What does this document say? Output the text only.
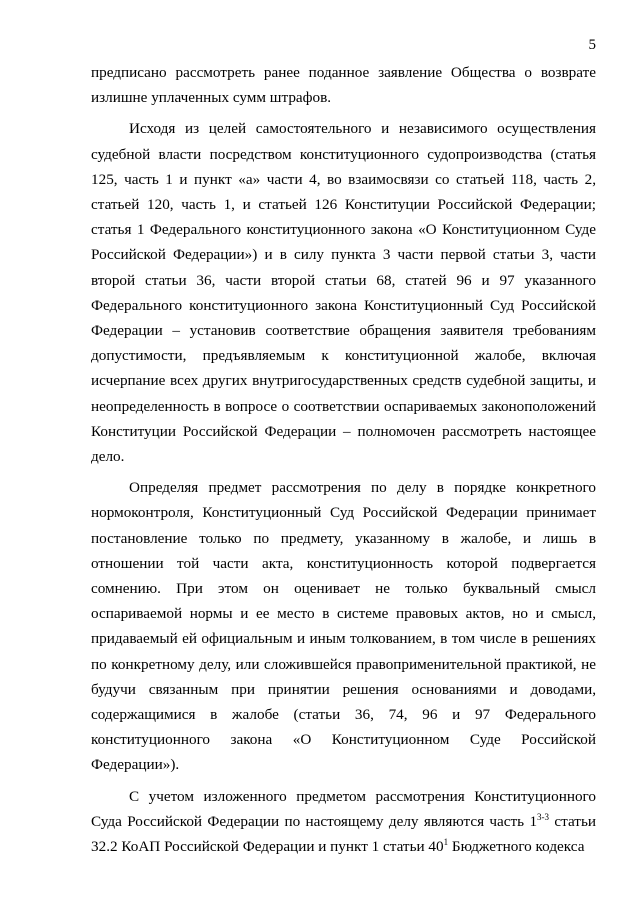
5

предписано рассмотреть ранее поданное заявление Общества о возврате излишне уплаченных сумм штрафов.

Исходя из целей самостоятельного и независимого осуществления судебной власти посредством конституционного судопроизводства (статья 125, часть 1 и пункт «а» части 4, во взаимосвязи со статьей 118, часть 2, статьей 120, часть 1, и статьей 126 Конституции Российской Федерации; статья 1 Федерального конституционного закона «О Конституционном Суде Российской Федерации») и в силу пункта 3 части первой статьи 3, части второй статьи 36, части второй статьи 68, статей 96 и 97 указанного Федерального конституционного закона Конституционный Суд Российской Федерации – установив соответствие обращения заявителя требованиям допустимости, предъявляемым к конституционной жалобе, включая исчерпание всех других внутригосударственных средств судебной защиты, и неопределенность в вопросе о соответствии оспариваемых законоположений Конституции Российской Федерации – полномочен рассмотреть настоящее дело.

Определяя предмет рассмотрения по делу в порядке конкретного нормоконтроля, Конституционный Суд Российской Федерации принимает постановление только по предмету, указанному в жалобе, и лишь в отношении той части акта, конституционность которой подвергается сомнению. При этом он оценивает не только буквальный смысл оспариваемой нормы и ее место в системе правовых актов, но и смысл, придаваемый ей официальным и иным толкованием, в том числе в решениях по конкретному делу, или сложившейся правоприменительной практикой, не будучи связанным при принятии решения основаниями и доводами, содержащимися в жалобе (статьи 36, 74, 96 и 97 Федерального конституционного закона «О Конституционном Суде Российской Федерации»).

С учетом изложенного предметом рассмотрения Конституционного Суда Российской Федерации по настоящему делу являются часть 1$^{3-3}$ статьи 32.2 КоАП Российской Федерации и пункт 1 статьи $40^1$ Бюджетного кодекса
